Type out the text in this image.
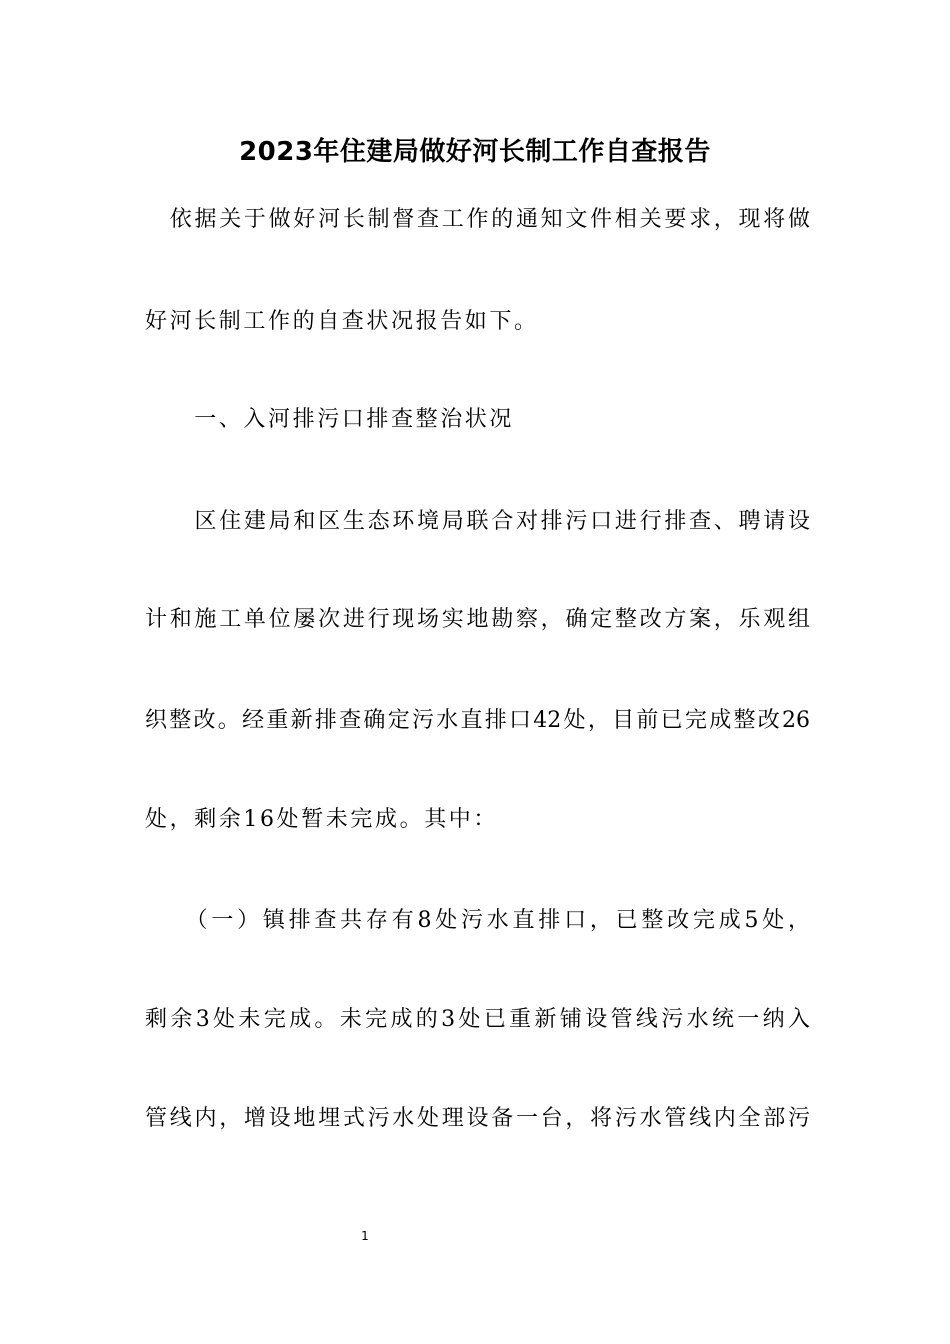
2023年住建局做好河长制工作自查报告
　依据关于做好河长制督查工作的通知文件相关要求，现将做
好河长制工作的自查状况报告如下。
　　一、入河排污口排查整治状况
　　区住建局和区生态环境局联合对排污口进行排查、聘请设
计和施工单位屡次进行现场实地勘察，确定整改方案，乐观组
织整改。经重新排查确定污水直排口42处，目前已完成整改26
处，剩余16处暂未完成。其中：
　　（一）镇排查共存有8处污水直排口，已整改完成5处，
剩余3处未完成。未完成的3处已重新铺设管线污水统一纳入
管线内，增设地埋式污水处理设备一台，将污水管线内全部污
1
